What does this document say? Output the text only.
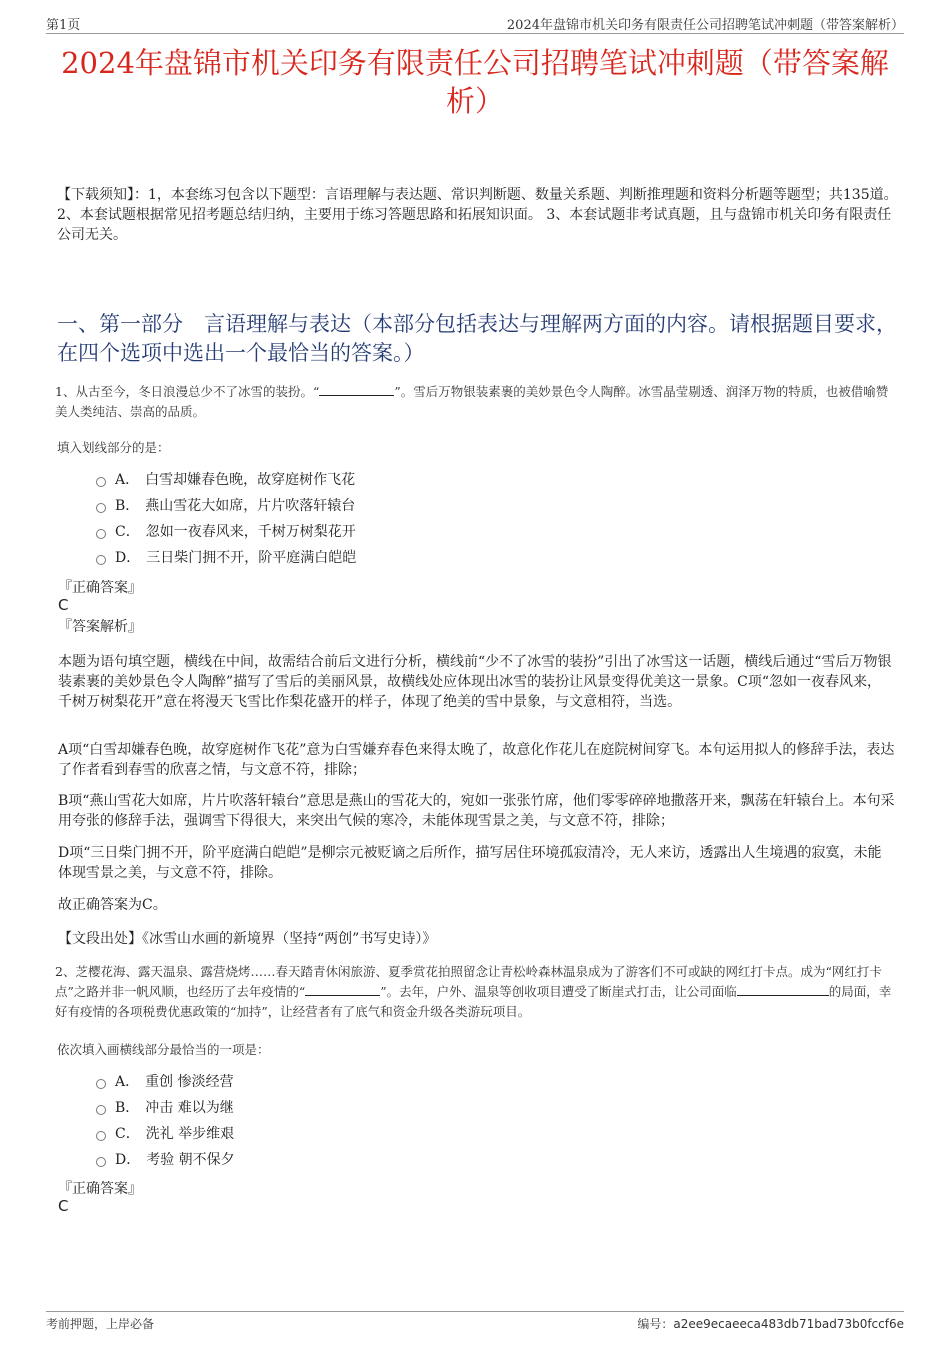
第1页	2024年盘锦市机关印务有限责任公司招聘笔试冲刺题（带答案解析）
2024年盘锦市机关印务有限责任公司招聘笔试冲刺题（带答案解析）
【下载须知】：1，本套练习包含以下题型：言语理解与表达题、常识判断题、数量关系题、判断推理题和资料分析题等题型；共135道。 2、本套试题根据常见招考题总结归纳，主要用于练习答题思路和拓展知识面。 3、本套试题非考试真题，且与盘锦市机关印务有限责任公司无关。
一、第一部分　言语理解与表达（本部分包括表达与理解两方面的内容。请根据题目要求，在四个选项中选出一个最恰当的答案。）
1、从古至今，冬日浪漫总少不了冰雪的装扮。“	”。雪后万物银装素裹的美妙景色令人陶醉。冰雪晶莹剔透、润泽万物的特质，也被借喻赞美人类纯洁、崇高的品质。
填入划线部分的是：
A． 白雪却嫌春色晚，故穿庭树作飞花
B． 燕山雪花大如席，片片吹落轩辕台
C． 忽如一夜春风来，千树万树梨花开
D． 三日柴门拥不开，阶平庭满白皑皑
『正确答案』
C
『答案解析』
本题为语句填空题，横线在中间，故需结合前后文进行分析，横线前“少不了冰雪的装扮”引出了冰雪这一话题，横线后通过“雪后万物银装素裹的美妙景色令人陶醉”描写了雪后的美丽风景，故横线处应体现出冰雪的装扮让风景变得优美这一景象。C项“忽如一夜春风来，千树万树梨花开”意在将漫天飞雪比作梨花盛开的样子，体现了绝美的雪中景象，与文意相符，当选。
A项“白雪却嫌春色晚，故穿庭树作飞花”意为白雪嫌弃春色来得太晚了，故意化作花儿在庭院树间穿飞。本句运用拟人的修辞手法，表达了作者看到春雪的欣喜之情，与文意不符，排除；
B项“燕山雪花大如席，片片吹落轩辕台”意思是燕山的雪花大的，宛如一张张竹席，他们零零碎碎地撒落开来，飘荡在轩辕台上。本句采用夸张的修辞手法，强调雪下得很大，来突出气候的寒冷，未能体现雪景之美，与文意不符，排除；
D项“三日柴门拥不开，阶平庭满白皑皑”是柳宗元被贬谪之后所作，描写居住环境孤寂清冷，无人来访，透露出人生境遇的寂寞，未能体现雪景之美，与文意不符，排除。
故正确答案为C。
【文段出处】《冰雪山水画的新境界（坚持“两创”书写史诗）》
2、芝樱花海、露天温泉、露营烧烤……春天踏青休闲旅游、夏季赏花拍照留念让青松岭森林温泉成为了游客们不可或缺的网红打卡点。成为“网红打卡点”之路并非一帆风顺，也经历了去年疫情的“	”。去年，户外、温泉等创收项目遭受了断崖式打击，让公司面临	的局面，幸好有疫情的各项税费优惠政策的“加持”，让经营者有了底气和资金升级各类游玩项目。
依次填入画横线部分最恰当的一项是：
A． 重创 惨淡经营
B． 冲击 难以为继
C． 洗礼 举步维艰
D． 考验 朝不保夕
『正确答案』
C
考前押题，上岸必备	编号：a2ee9ecaeeca483db71bad73b0fccf6e
